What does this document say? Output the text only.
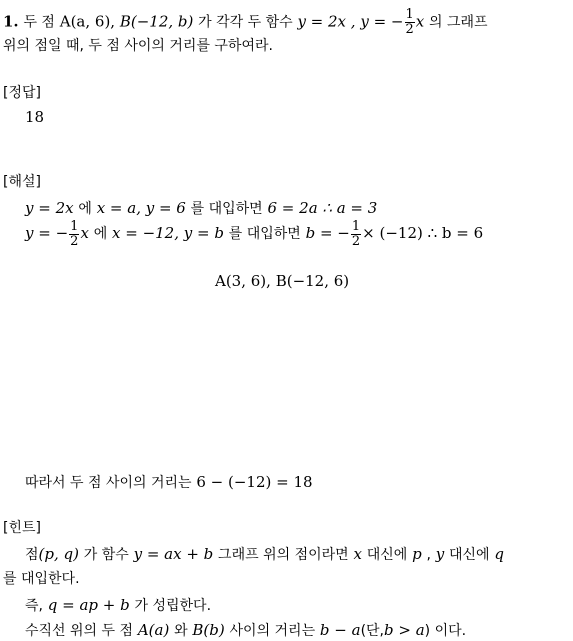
1. 두 점 A(a, 6), B(−12, b) 가 각각 두 함수 y = 2x , y = − $\frac{1}{2}$ x 의 그래프
위의 점일 때, 두 점 사이의 거리를 구하여라.
[정답]
18
[해설]
y = 2x 에 x = a, y = 6 를 대입하면 6 = 2a ∴ a = 3
y = − $\frac{1}{2}$ x 에 x = −12, y = b 를 대입하면 b = − $\frac{1}{2} \times (-12)$ ∴ b = 6
A(3, 6), B(−12, 6)
따라서 두 점 사이의 거리는 6 − (−12) = 18
[힌트]
점(p, q) 가 함수 y = ax + b 그래프 위의 점이라면 x 대신에 p , y 대신에 q
를 대입한다.
즉, q = ap + b 가 성립한다.
수직선 위의 두 점 A(a) 와 B(b) 사이의 거리는 b − a(단,b > a) 이다.
